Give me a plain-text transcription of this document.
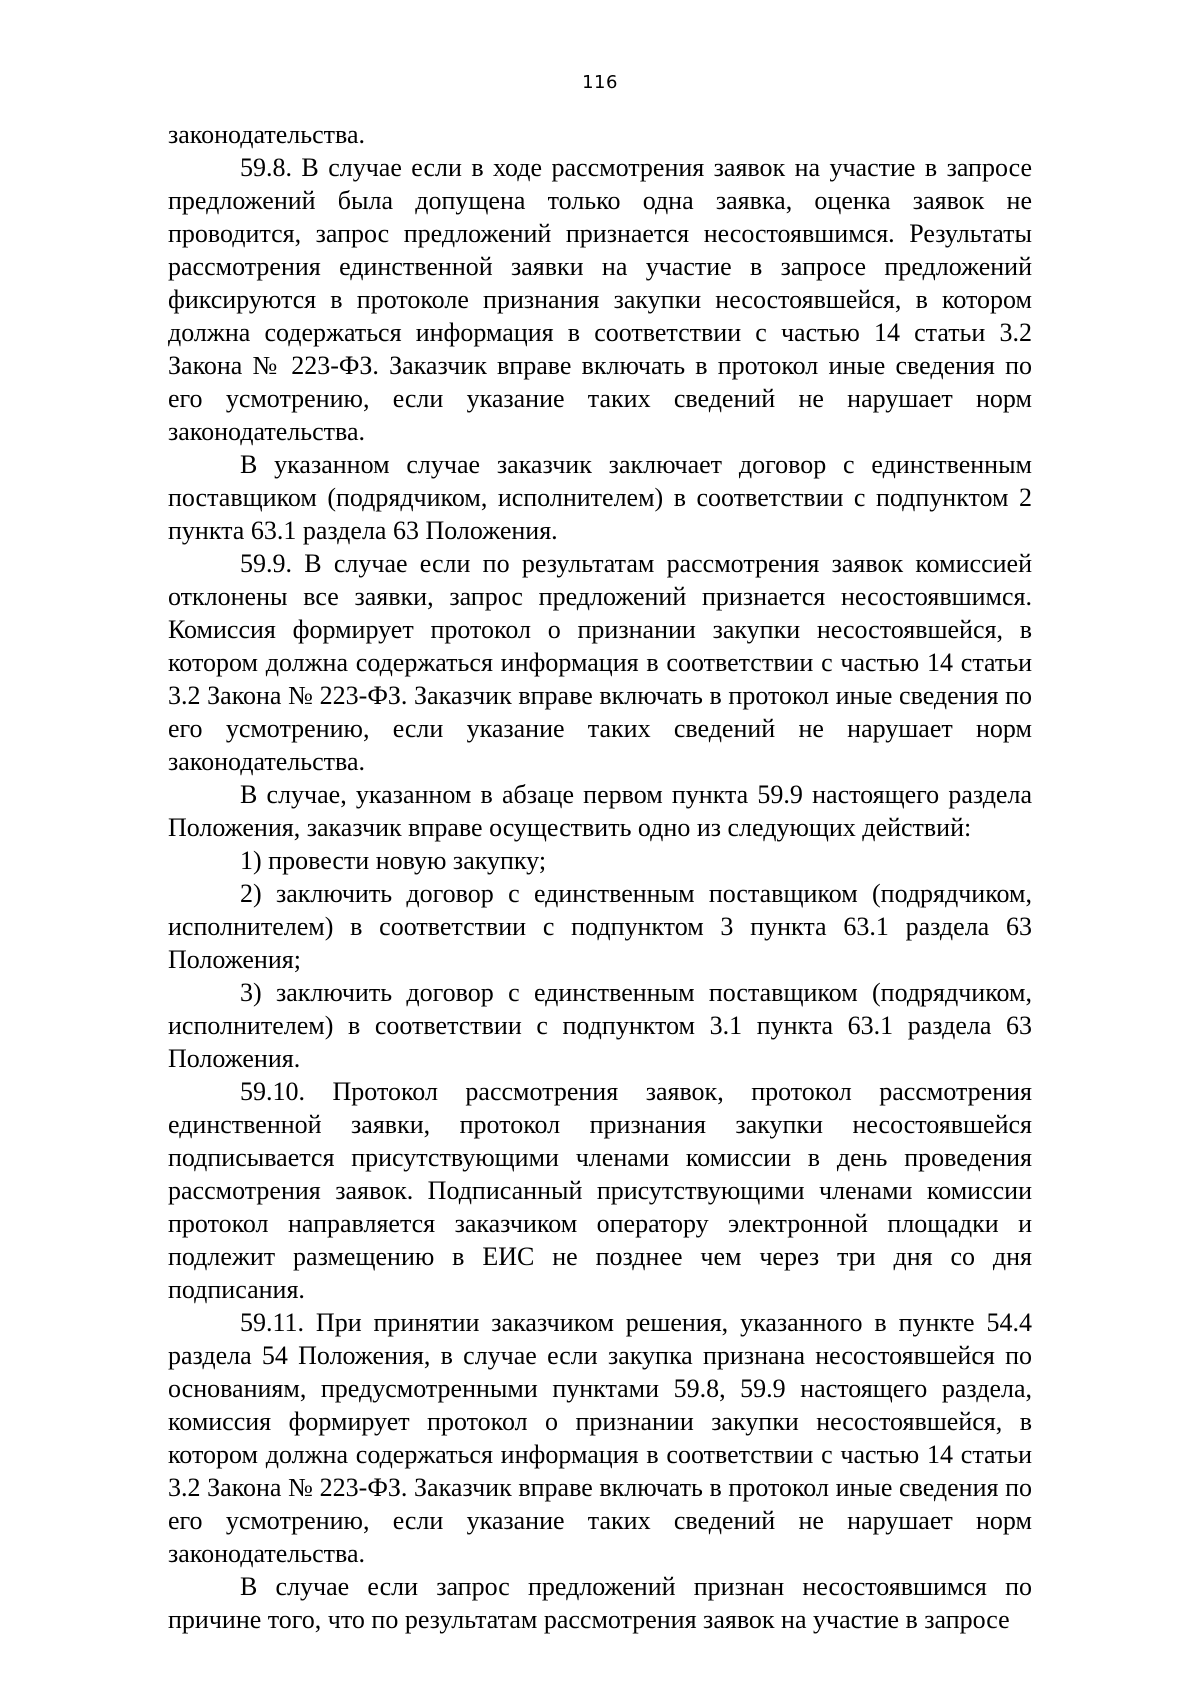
116

законодательства.

59.8. В случае если в ходе рассмотрения заявок на участие в запросе предложений была допущена только одна заявка, оценка заявок не проводится, запрос предложений признается несостоявшимся. Результаты рассмотрения единственной заявки на участие в запросе предложений фиксируются в протоколе признания закупки несостоявшейся, в котором должна содержаться информация в соответствии с частью 14 статьи 3.2 Закона № 223-ФЗ. Заказчик вправе включать в протокол иные сведения по его усмотрению, если указание таких сведений не нарушает норм законодательства.

В указанном случае заказчик заключает договор с единственным поставщиком (подрядчиком, исполнителем) в соответствии с подпунктом 2 пункта 63.1 раздела 63 Положения.

59.9. В случае если по результатам рассмотрения заявок комиссией отклонены все заявки, запрос предложений признается несостоявшимся. Комиссия формирует протокол о признании закупки несостоявшейся, в котором должна содержаться информация в соответствии с частью 14 статьи 3.2 Закона № 223-ФЗ. Заказчик вправе включать в протокол иные сведения по его усмотрению, если указание таких сведений не нарушает норм законодательства.

В случае, указанном в абзаце первом пункта 59.9 настоящего раздела Положения, заказчик вправе осуществить одно из следующих действий:

1) провести новую закупку;

2) заключить договор с единственным поставщиком (подрядчиком, исполнителем) в соответствии с подпунктом 3 пункта 63.1 раздела 63 Положения;

3) заключить договор с единственным поставщиком (подрядчиком, исполнителем) в соответствии с подпунктом 3.1 пункта 63.1 раздела 63 Положения.

59.10. Протокол рассмотрения заявок, протокол рассмотрения единственной заявки, протокол признания закупки несостоявшейся подписывается присутствующими членами комиссии в день проведения рассмотрения заявок. Подписанный присутствующими членами комиссии протокол направляется заказчиком оператору электронной площадки и подлежит размещению в ЕИС не позднее чем через три дня со дня подписания.

59.11. При принятии заказчиком решения, указанного в пункте 54.4 раздела 54 Положения, в случае если закупка признана несостоявшейся по основаниям, предусмотренными пунктами 59.8, 59.9 настоящего раздела, комиссия формирует протокол о признании закупки несостоявшейся, в котором должна содержаться информация в соответствии с частью 14 статьи 3.2 Закона № 223-ФЗ. Заказчик вправе включать в протокол иные сведения по его усмотрению, если указание таких сведений не нарушает норм законодательства.

В случае если запрос предложений признан несостоявшимся по причине того, что по результатам рассмотрения заявок на участие в запросе
